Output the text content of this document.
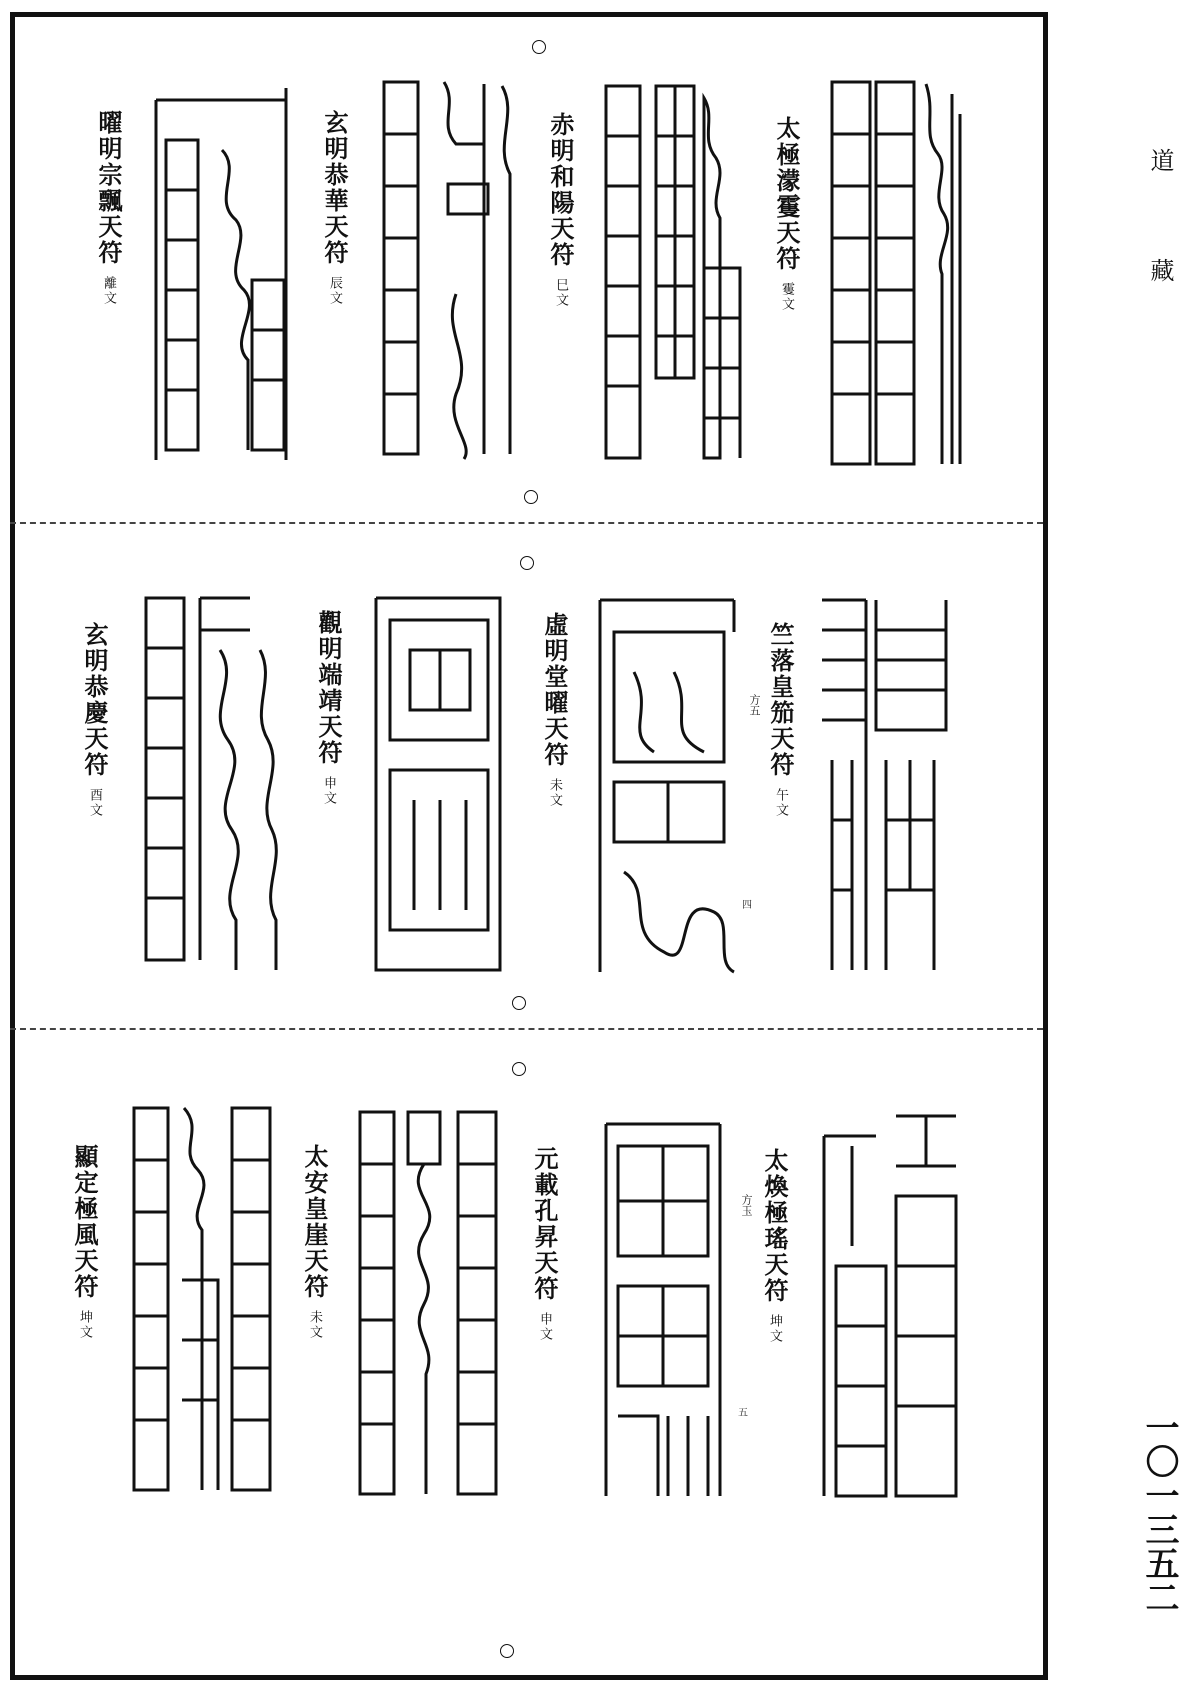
道
藏
一〇一三五二
太極濛䨥天符䨥文
赤明和陽天符巳文
玄明恭華天符辰文
曜明宗飄天符離文
竺落皇笳天符午文
方五
虛明堂曜天符未文
觀明端靖天符申文
玄明恭慶天符酉文
太煥極瑤天符坤文
方玉
元載孔昇天符申文
太安皇崖天符未文
顯定極風天符坤文
四
五
